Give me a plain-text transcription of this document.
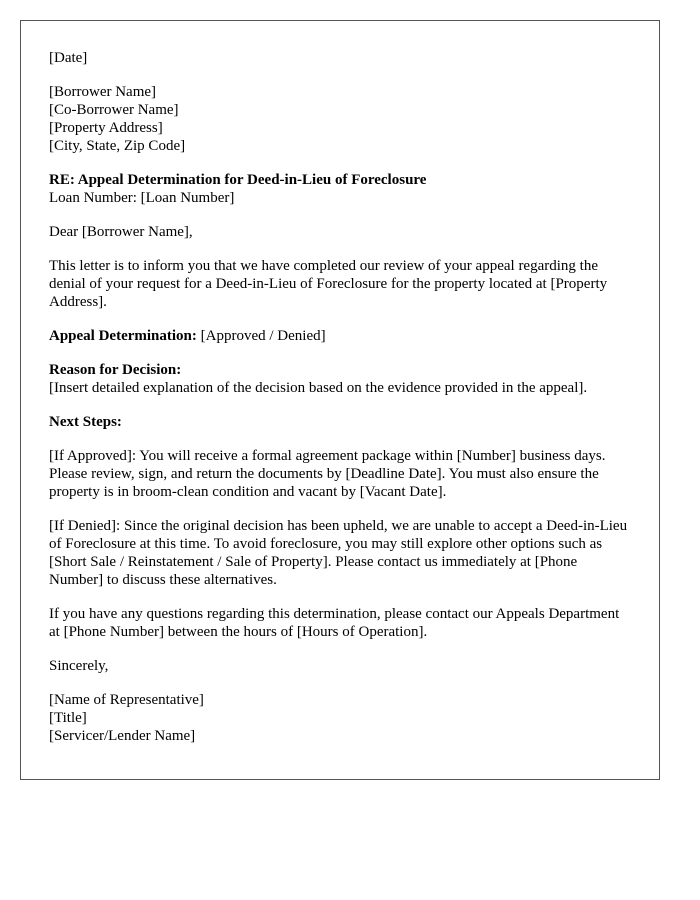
[Date]

[Borrower Name]
[Co-Borrower Name]
[Property Address]
[City, State, Zip Code]

RE: Appeal Determination for Deed-in-Lieu of Foreclosure
Loan Number: [Loan Number]

Dear [Borrower Name],

This letter is to inform you that we have completed our review of your appeal regarding the denial of your request for a Deed-in-Lieu of Foreclosure for the property located at [Property Address].

Appeal Determination: [Approved / Denied]

Reason for Decision:
[Insert detailed explanation of the decision based on the evidence provided in the appeal].

Next Steps:

[If Approved]: You will receive a formal agreement package within [Number] business days. Please review, sign, and return the documents by [Deadline Date]. You must also ensure the property is in broom-clean condition and vacant by [Vacant Date].

[If Denied]: Since the original decision has been upheld, we are unable to accept a Deed-in-Lieu of Foreclosure at this time. To avoid foreclosure, you may still explore other options such as [Short Sale / Reinstatement / Sale of Property]. Please contact us immediately at [Phone Number] to discuss these alternatives.

If you have any questions regarding this determination, please contact our Appeals Department at [Phone Number] between the hours of [Hours of Operation].

Sincerely,

[Name of Representative]
[Title]
[Servicer/Lender Name]
